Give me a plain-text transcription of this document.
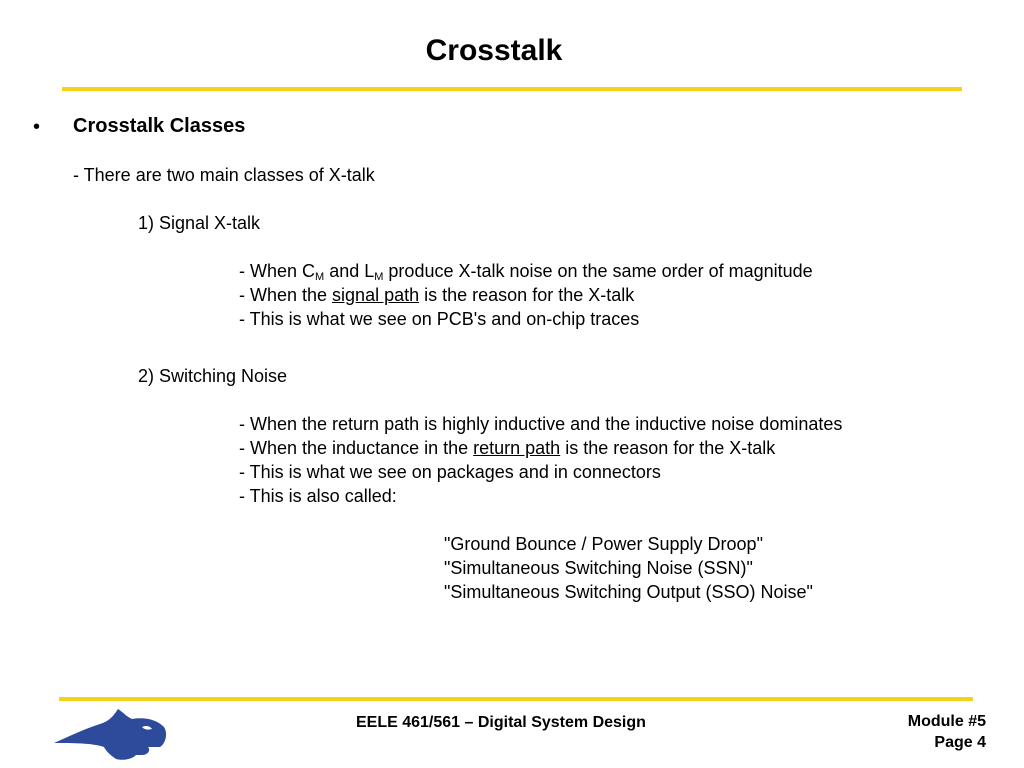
Crosstalk
• Crosstalk Classes
- There are two main classes of X-talk
1) Signal X-talk
- When $C_M$ and $L_M$ produce X-talk noise on the same order of magnitude
- When the signal path is the reason for the X-talk
- This is what we see on PCB's and on-chip traces
2) Switching Noise
- When the return path is highly inductive and the inductive noise dominates
- When the inductance in the return path is the reason for the X-talk
- This is what we see on packages and in connectors
- This is also called:
"Ground Bounce / Power Supply Droop"
"Simultaneous Switching Noise (SSN)"
"Simultaneous Switching Output (SSO) Noise"
EELE 461/561 – Digital System Design	Module #5
Page 4
